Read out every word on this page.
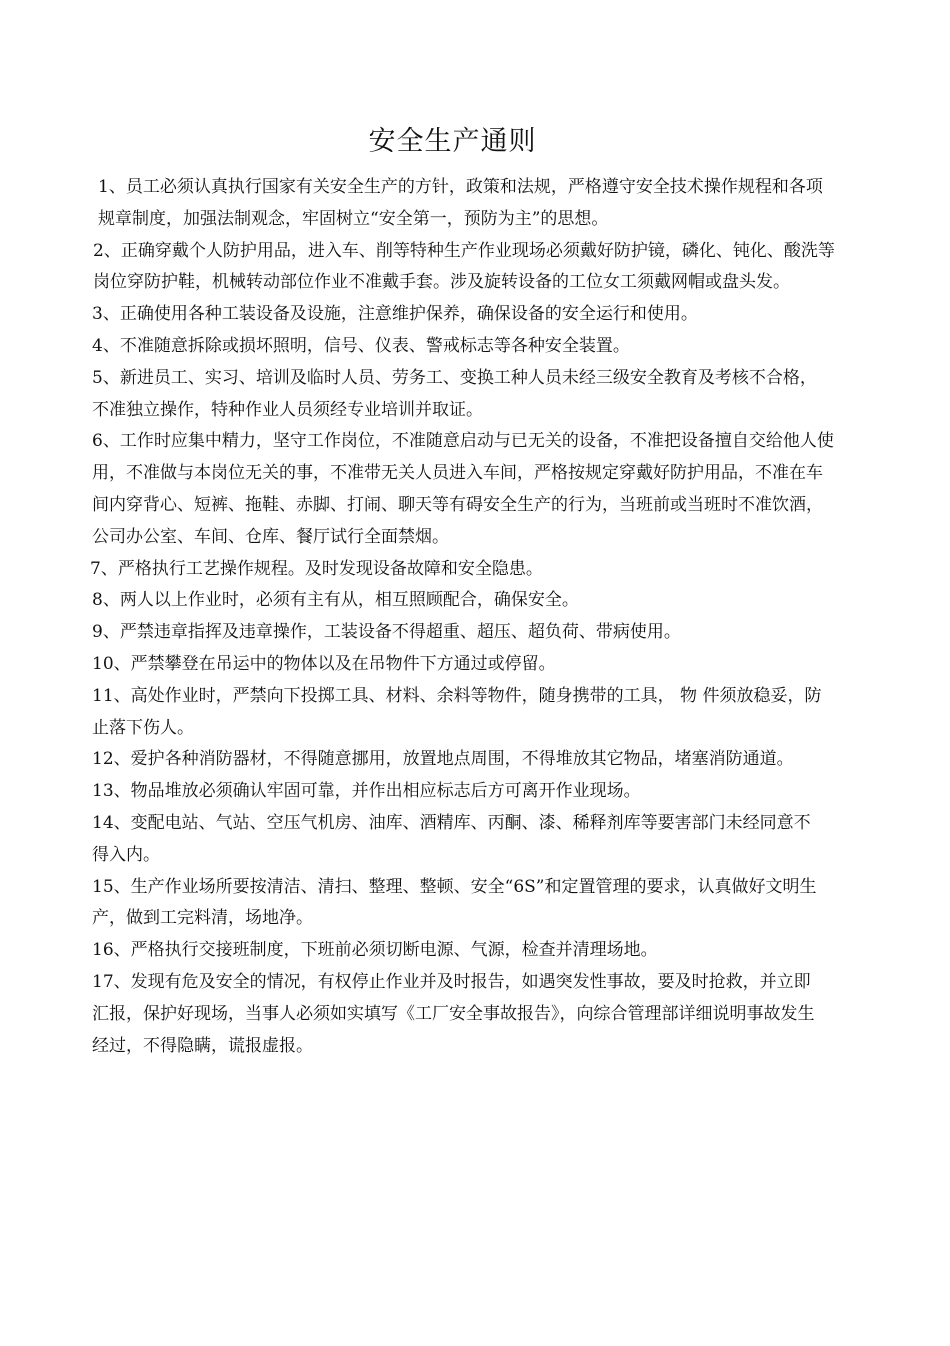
安全生产通则

1、员工必须认真执行国家有关安全生产的方针，政策和法规，严格遵守安全技术操作规程和各项规章制度，加强法制观念，牢固树立“安全第一，预防为主”的思想。

2、正确穿戴个人防护用品，进入车、削等特种生产作业现场必须戴好防护镜，磷化、钝化、酸洗等岗位穿防护鞋，机械转动部位作业不准戴手套。涉及旋转设备的工位女工须戴网帽或盘头发。

3、正确使用各种工装设备及设施，注意维护保养，确保设备的安全运行和使用。

4、不准随意拆除或损坏照明，信号、仪表、警戒标志等各种安全装置。

5、新进员工、实习、培训及临时人员、劳务工、变换工种人员未经三级安全教育及考核不合格，不准独立操作，特种作业人员须经专业培训并取证。

6、工作时应集中精力，坚守工作岗位，不准随意启动与已无关的设备，不准把设备擅自交给他人使用，不准做与本岗位无关的事，不准带无关人员进入车间，严格按规定穿戴好防护用品，不准在车间内穿背心、短裤、拖鞋、赤脚、打闹、聊天等有碍安全生产的行为，当班前或当班时不准饮酒，公司办公室、车间、仓库、餐厅试行全面禁烟。

7、严格执行工艺操作规程。及时发现设备故障和安全隐患。

8、两人以上作业时，必须有主有从，相互照顾配合，确保安全。

9、严禁违章指挥及违章操作，工装设备不得超重、超压、超负荷、带病使用。

10、严禁攀登在吊运中的物体以及在吊物件下方通过或停留。

11、高处作业时，严禁向下投掷工具、材料、余料等物件，随身携带的工具， 物 件须放稳妥，防止落下伤人。

12、爱护各种消防器材，不得随意挪用，放置地点周围，不得堆放其它物品，堵塞消防通道。

13、物品堆放必须确认牢固可靠，并作出相应标志后方可离开作业现场。

14、变配电站、气站、空压气机房、油库、酒精库、丙酮、漆、稀释剂库等要害部门未经同意不得入内。

15、生产作业场所要按清洁、清扫、整理、整顿、安全“6S”和定置管理的要求，认真做好文明生产，做到工完料清，场地净。

16、严格执行交接班制度，下班前必须切断电源、气源，检查并清理场地。

17、发现有危及安全的情况，有权停止作业并及时报告，如遇突发性事故，要及时抢救，并立即汇报，保护好现场，当事人必须如实填写《工厂安全事故报告》，向综合管理部详细说明事故发生经过，不得隐瞒，谎报虚报。
